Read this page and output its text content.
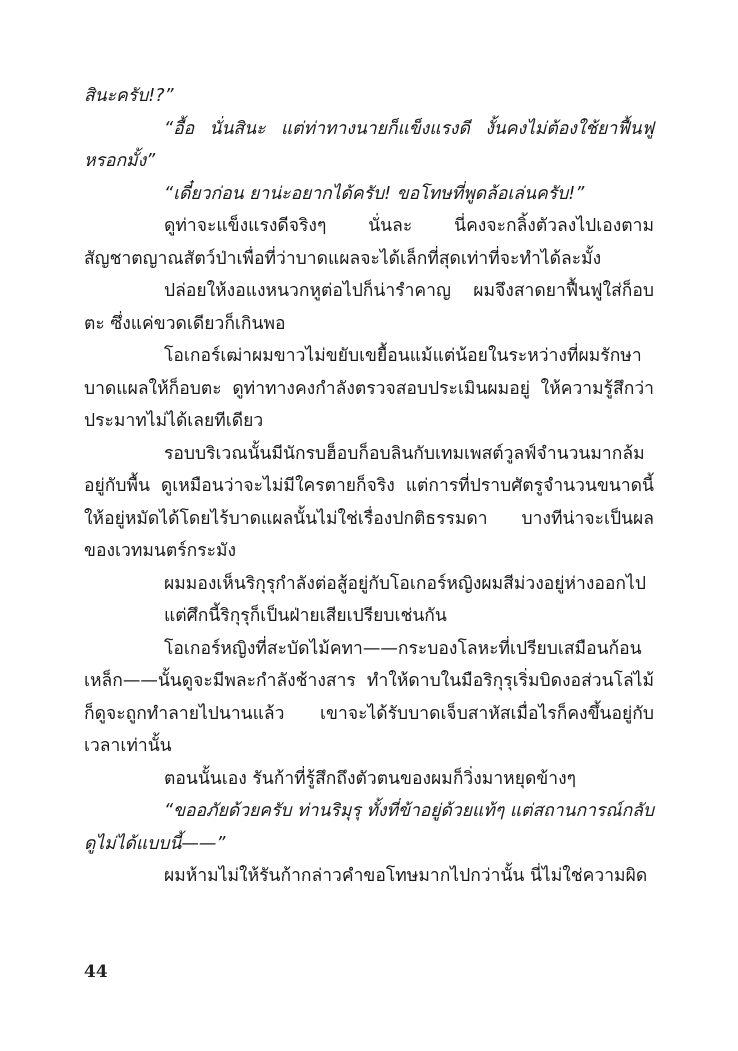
สินะครับ!?”

“อื้อ นั่นสินะ แต่ท่าทางนายก็แข็งแรงดี งั้นคงไม่ต้องใช้ยาฟื้นฟูหรอกมั้ง”

“เดี๋ยวก่อน ยาน่ะอยากได้ครับ! ขอโทษที่พูดล้อเล่นครับ!”

ดูท่าจะแข็งแรงดีจริงๆ นั่นละ นี่คงจะกลิ้งตัวลงไปเองตามสัญชาตญาณสัตว์ป่าเพื่อที่ว่าบาดแผลจะได้เล็กที่สุดเท่าที่จะทำได้ละมั้ง

ปล่อยให้งอแงหนวกหูต่อไปก็น่ารำคาญ ผมจึงสาดยาฟื้นฟูใส่ก็อบตะ ซึ่งแค่ขวดเดียวก็เกินพอ

โอเกอร์เฒ่าผมขาวไม่ขยับเขยื้อนแม้แต่น้อยในระหว่างที่ผมรักษาบาดแผลให้ก็อบตะ ดูท่าทางคงกำลังตรวจสอบประเมินผมอยู่ ให้ความรู้สึกว่าประมาทไม่ได้เลยทีเดียว

รอบบริเวณนั้นมีนักรบฮ็อบก็อบลินกับเทมเพสต์วูลฟ์จำนวนมากล้มอยู่กับพื้น ดูเหมือนว่าจะไม่มีใครตายก็จริง แต่การที่ปราบศัตรูจำนวนขนาดนี้ให้อยู่หมัดได้โดยไร้บาดแผลนั้นไม่ใช่เรื่องปกติธรรมดา บางทีน่าจะเป็นผลของเวทมนตร์กระมัง

ผมมองเห็นริกุรุกำลังต่อสู้อยู่กับโอเกอร์หญิงผมสีม่วงอยู่ห่างออกไป

แต่ศึกนี้ริกุรุก็เป็นฝ่ายเสียเปรียบเช่นกัน

โอเกอร์หญิงที่สะบัดไม้คทา——กระบองโลหะที่เปรียบเสมือนก้อนเหล็ก——นั้นดูจะมีพละกำลังช้างสาร ทำให้ดาบในมือริกุรุเริ่มบิดงอส่วนโล่ไม้ก็ดูจะถูกทำลายไปนานแล้ว เขาจะได้รับบาดเจ็บสาหัสเมื่อไรก็คงขึ้นอยู่กับเวลาเท่านั้น

ตอนนั้นเอง รันก้าที่รู้สึกถึงตัวตนของผมก็วิ่งมาหยุดข้างๆ

“ขออภัยด้วยครับ ท่านริมุรุ ทั้งที่ข้าอยู่ด้วยแท้ๆ แต่สถานการณ์กลับดูไม่ได้แบบนี้——”

ผมห้ามไม่ให้รันก้ากล่าวคำขอโทษมากไปกว่านั้น นี่ไม่ใช่ความผิด

44
